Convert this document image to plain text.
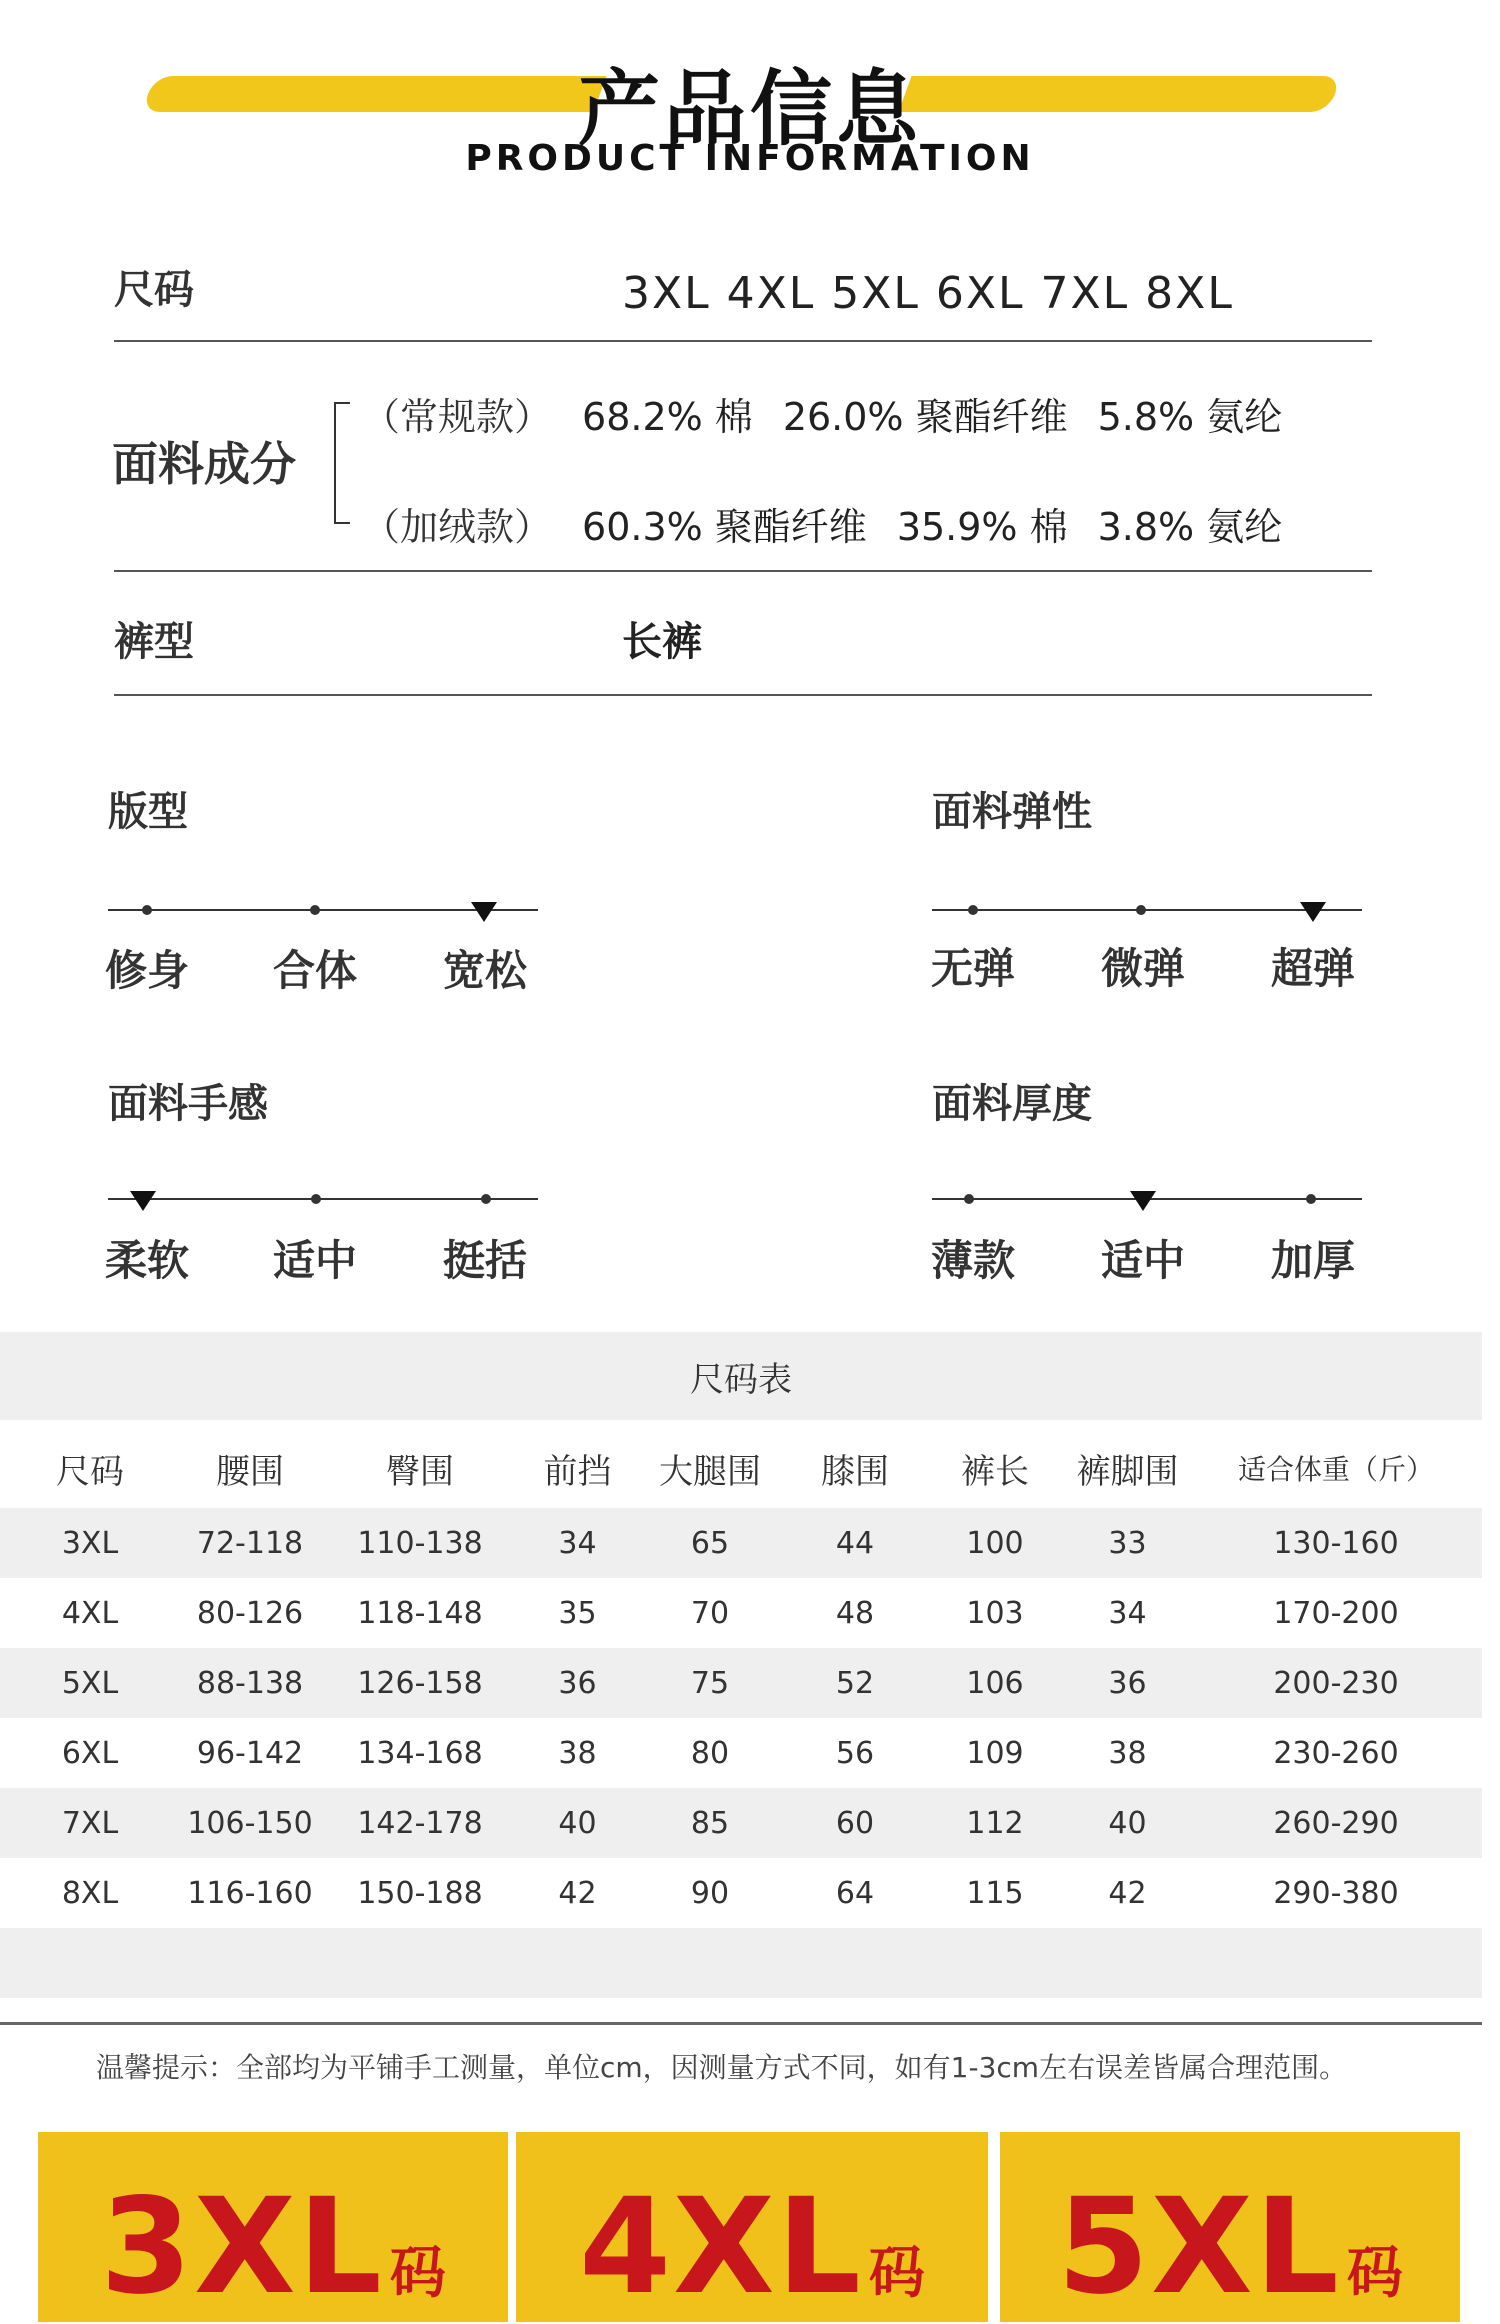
产品信息
PRODUCT INFORMATION
尺码	3XL 4XL 5XL 6XL 7XL 8XL
面料成分
（常规款） 68.2% 棉 26.0% 聚酯纤维 5.8% 氨纶
（加绒款） 60.3% 聚酯纤维 35.9% 棉 3.8% 氨纶
裤型	长裤
版型
修身	合体	宽松
面料弹性
无弹	微弹	超弹
面料手感
柔软	适中	挺括
面料厚度
薄款	适中	加厚
尺码表
尺码	腰围	臀围	前挡	大腿围	膝围	裤长	裤脚围	适合体重（斤）
3XL	72-118	110-138	34	65	44	100	33	130-160
4XL	80-126	118-148	35	70	48	103	34	170-200
5XL	88-138	126-158	36	75	52	106	36	200-230
6XL	96-142	134-168	38	80	56	109	38	230-260
7XL	106-150	142-178	40	85	60	112	40	260-290
8XL	116-160	150-188	42	90	64	115	42	290-380

温馨提示：全部均为平铺手工测量，单位cm，因测量方式不同，如有1-3cm左右误差皆属合理范围。
3XL 码	4XL 码	5XL 码
